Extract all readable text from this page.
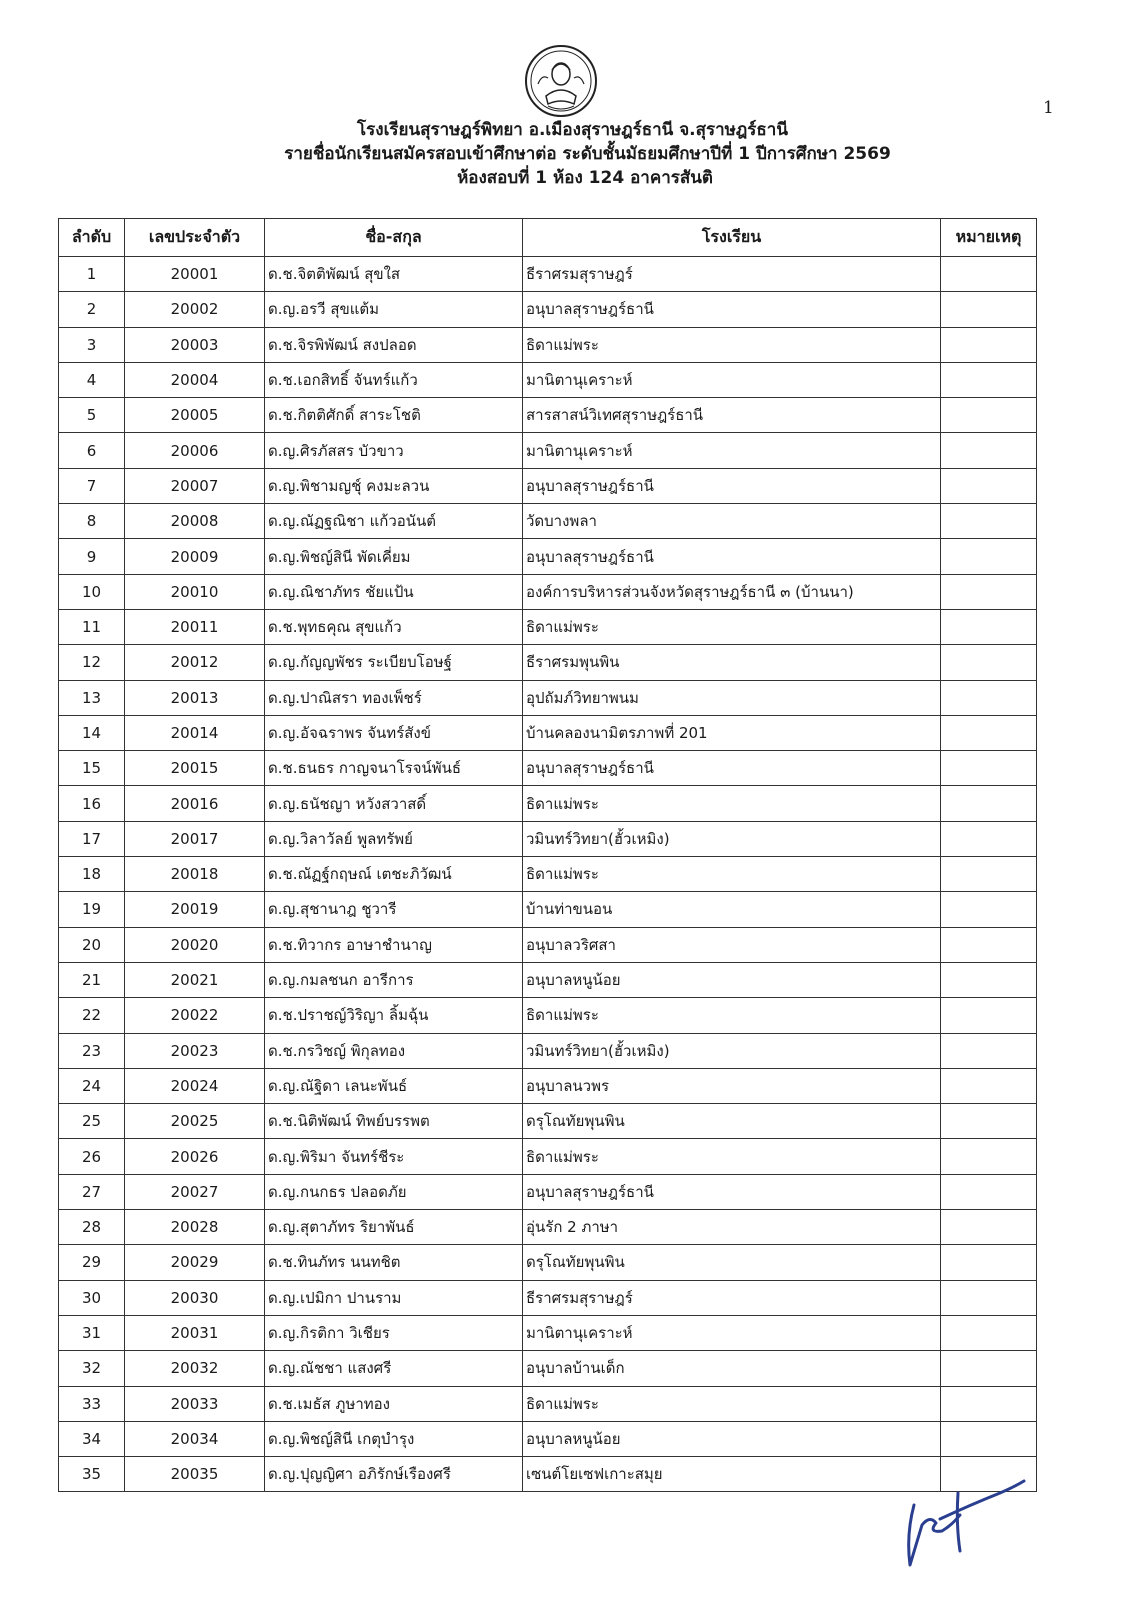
1
โรงเรียนสุราษฎร์พิทยา อ.เมืองสุราษฎร์ธานี จ.สุราษฎร์ธานี
รายชื่อนักเรียนสมัครสอบเข้าศึกษาต่อ ระดับชั้นมัธยมศึกษาปีที่ 1 ปีการศึกษา 2569
ห้องสอบที่ 1 ห้อง 124 อาคารสันติ
ลำดับ	เลขประจำตัว	ชื่อ-สกุล	โรงเรียน	หมายเหตุ
1	20001	ด.ช.จิตติพัฒน์ สุขใส	ธีราศรมสุราษฎร์	
2	20002	ด.ญ.อรวี สุขแต้ม	อนุบาลสุราษฎร์ธานี	
3	20003	ด.ช.จิรพิพัฒน์ สงปลอด	ธิดาแม่พระ	
4	20004	ด.ช.เอกสิทธิ์ จันทร์แก้ว	มานิตานุเคราะห์	
5	20005	ด.ช.กิตติศักดิ์ สาระโชติ	สารสาสน์วิเทศสุราษฎร์ธานี	
6	20006	ด.ญ.ศิรภัสสร บัวขาว	มานิตานุเคราะห์	
7	20007	ด.ญ.พิชามญชุ์ คงมะลวน	อนุบาลสุราษฎร์ธานี	
8	20008	ด.ญ.ณัฏฐณิชา แก้วอนันต์	วัดบางพลา	
9	20009	ด.ญ.พิชญ์สินี พัดเคี่ยม	อนุบาลสุราษฎร์ธานี	
10	20010	ด.ญ.ณิชาภัทร ชัยแป้น	องค์การบริหารส่วนจังหวัดสุราษฎร์ธานี ๓ (บ้านนา)	
11	20011	ด.ช.พุทธคุณ สุขแก้ว	ธิดาแม่พระ	
12	20012	ด.ญ.กัญญพัชร ระเบียบโอษฐ์	ธีราศรมพุนพิน	
13	20013	ด.ญ.ปาณิสรา ทองเพ็ชร์	อุปถัมภ์วิทยาพนม	
14	20014	ด.ญ.อัจฉราพร จันทร์สังข์	บ้านคลองนามิตรภาพที่ 201	
15	20015	ด.ช.ธนธร กาญจนาโรจน์พันธ์	อนุบาลสุราษฎร์ธานี	
16	20016	ด.ญ.ธนัชญา หวังสวาสดิ์	ธิดาแม่พระ	
17	20017	ด.ญ.วิลาวัลย์ พูลทรัพย์	วมินทร์วิทยา(ฮั้วเหมิง)	
18	20018	ด.ช.ณัฏฐ์กฤษณ์ เตชะภิวัฒน์	ธิดาแม่พระ	
19	20019	ด.ญ.สุชานาฎ ชูวารี	บ้านท่าขนอน	
20	20020	ด.ช.ทิวากร อาษาชำนาญ	อนุบาลวริศสา	
21	20021	ด.ญ.กมลชนก อารีการ	อนุบาลหนูน้อย	
22	20022	ด.ช.ปราชญ์วิริญา ลิ้มฉุ้น	ธิดาแม่พระ	
23	20023	ด.ช.กรวิชญ์ พิกุลทอง	วมินทร์วิทยา(ฮั้วเหมิง)	
24	20024	ด.ญ.ณัฐิดา เลนะพันธ์	อนุบาลนวพร	
25	20025	ด.ช.นิติพัฒน์ ทิพย์บรรพต	ดรุโณทัยพุนพิน	
26	20026	ด.ญ.พิริมา จันทร์ชีระ	ธิดาแม่พระ	
27	20027	ด.ญ.กนกธร ปลอดภัย	อนุบาลสุราษฎร์ธานี	
28	20028	ด.ญ.สุตาภัทร ริยาพันธ์	อุ่นรัก 2 ภาษา	
29	20029	ด.ช.ทินภัทร นนทชิต	ดรุโณทัยพุนพิน	
30	20030	ด.ญ.เปมิกา ปานราม	ธีราศรมสุราษฎร์	
31	20031	ด.ญ.กิรติกา วิเชียร	มานิตานุเคราะห์	
32	20032	ด.ญ.ณัชชา แสงศรี	อนุบาลบ้านเด็ก	
33	20033	ด.ช.เมธัส ภูษาทอง	ธิดาแม่พระ	
34	20034	ด.ญ.พิชญ์สินี เกตุบำรุง	อนุบาลหนูน้อย	
35	20035	ด.ญ.ปุญญิศา อภิรักษ์เรืองศรี	เซนต์โยเซฟเกาะสมุย	
